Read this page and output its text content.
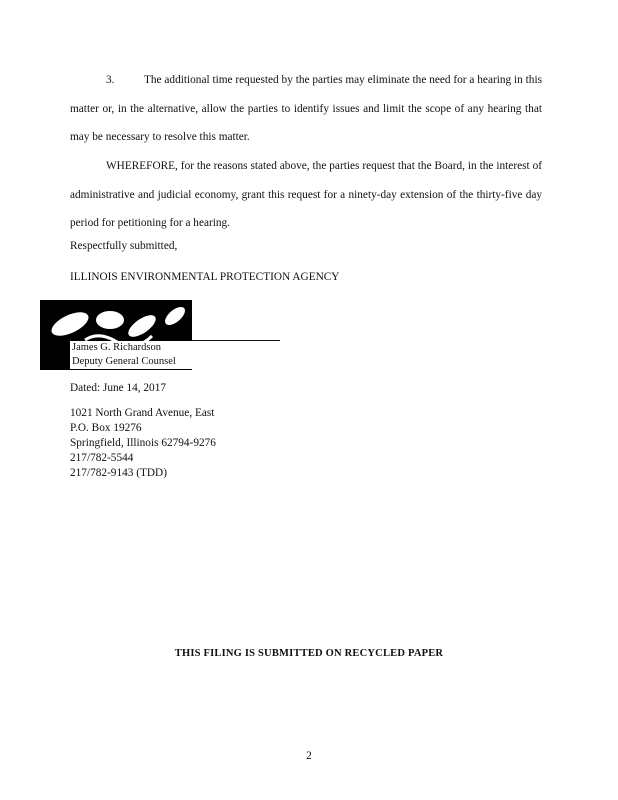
3.	The additional time requested by the parties may eliminate the need for a hearing in this matter or, in the alternative, allow the parties to identify issues and limit the scope of any hearing that may be necessary to resolve this matter.

WHEREFORE, for the reasons stated above, the parties request that the Board, in the interest of administrative and judicial economy, grant this request for a ninety-day extension of the thirty-five day period for petitioning for a hearing.

Respectfully submitted,
ILLINOIS ENVIRONMENTAL PROTECTION AGENCY
James G. Richardson
Deputy General Counsel
Dated: June 14, 2017
1021 North Grand Avenue, East
P.O. Box 19276
Springfield, Illinois 62794-9276
217/782-5544
217/782-9143 (TDD)
THIS FILING IS SUBMITTED ON RECYCLED PAPER
2
